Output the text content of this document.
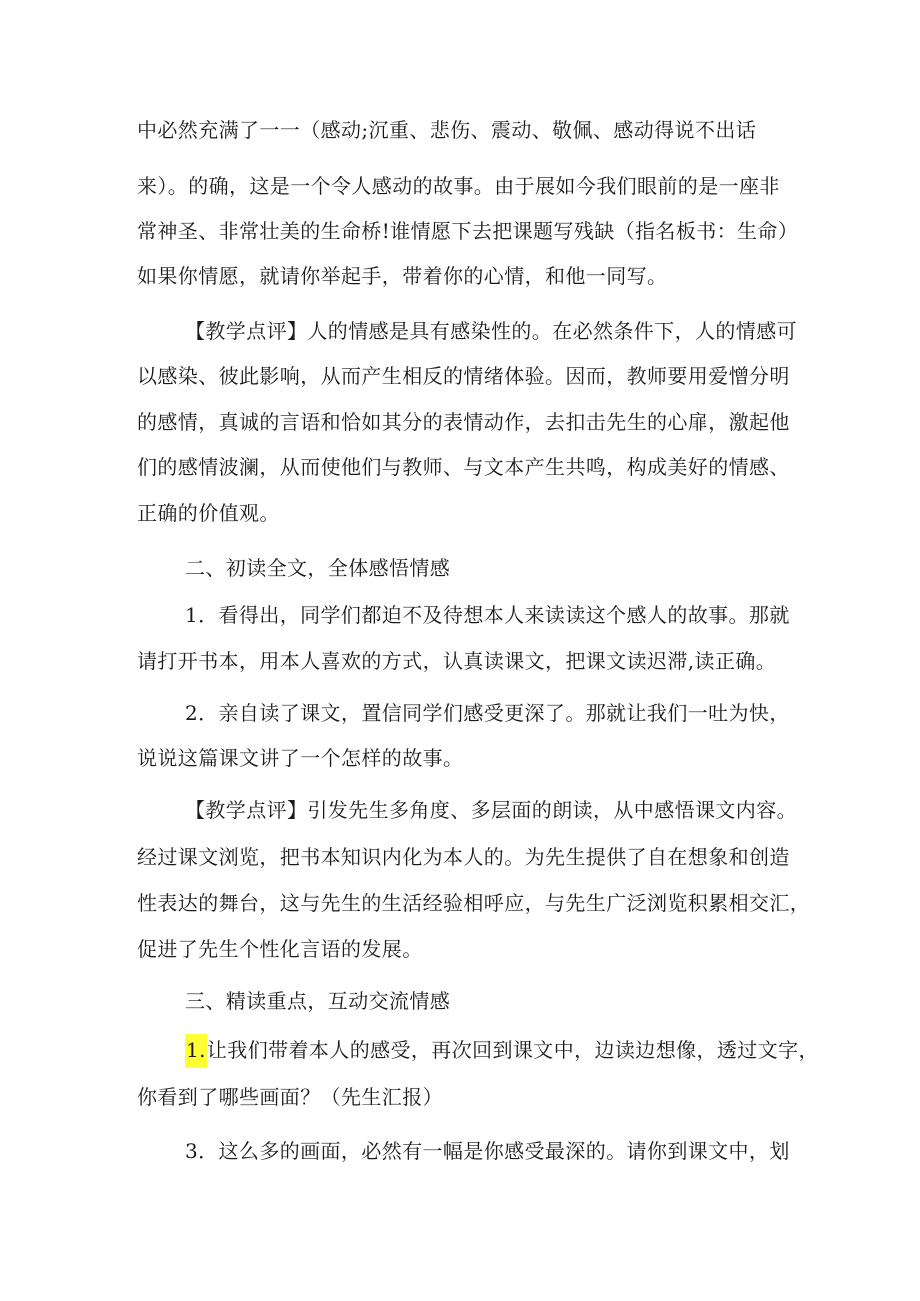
中必然充满了一一（感动;沉重、悲伤、震动、敬佩、感动得说不出话
来）。的确，这是一个令人感动的故事。由于展如今我们眼前的是一座非
常神圣、非常壮美的生命桥!谁情愿下去把课题写残缺（指名板书：生命）
如果你情愿，就请你举起手，带着你的心情，和他一同写。
【教学点评】人的情感是具有感染性的。在必然条件下，人的情感可
以感染、彼此影响，从而产生相反的情绪体验。因而，教师要用爱憎分明
的感情，真诚的言语和恰如其分的表情动作，去扣击先生的心扉，激起他
们的感情波澜，从而使他们与教师、与文本产生共鸣，构成美好的情感、
正确的价值观。
二、初读全文，全体感悟情感
1．看得出，同学们都迫不及待想本人来读读这个感人的故事。那就
请打开书本，用本人喜欢的方式，认真读课文，把课文读迟滞,读正确。
2．亲自读了课文，置信同学们感受更深了。那就让我们一吐为快，
说说这篇课文讲了一个怎样的故事。
【教学点评】引发先生多角度、多层面的朗读，从中感悟课文内容。
经过课文浏览，把书本知识内化为本人的。为先生提供了自在想象和创造
性表达的舞台，这与先生的生活经验相呼应，与先生广泛浏览积累相交汇，
促进了先生个性化言语的发展。
三、精读重点，互动交流情感
1.让我们带着本人的感受，再次回到课文中，边读边想像，透过文字，
你看到了哪些画面？（先生汇报）
3．这么多的画面，必然有一幅是你感受最深的。请你到课文中，划
